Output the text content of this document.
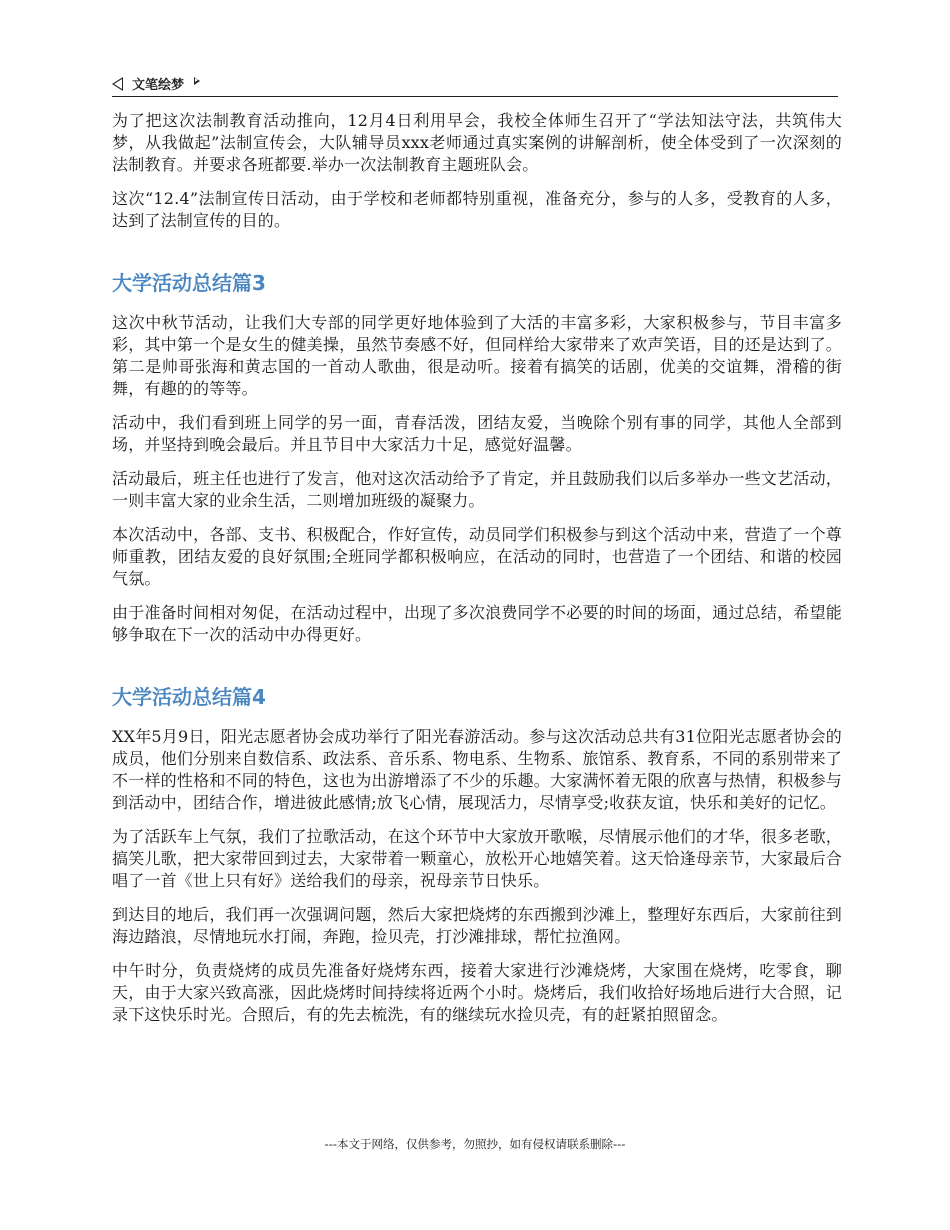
文笔绘梦

为了把这次法制教育活动推向，12月4日利用早会，我校全体师生召开了“学法知法守法，共筑伟大梦，从我做起”法制宣传会，大队辅导员xxx老师通过真实案例的讲解剖析，使全体受到了一次深刻的法制教育。并要求各班都要.举办一次法制教育主题班队会。

这次“12.4”法制宣传日活动，由于学校和老师都特别重视，准备充分，参与的人多，受教育的人多，达到了法制宣传的目的。

大学活动总结篇3

这次中秋节活动，让我们大专部的同学更好地体验到了大活的丰富多彩，大家积极参与，节目丰富多彩，其中第一个是女生的健美操，虽然节奏感不好，但同样给大家带来了欢声笑语，目的还是达到了。第二是帅哥张海和黄志国的一首动人歌曲，很是动听。接着有搞笑的话剧，优美的交谊舞，滑稽的街舞，有趣的的等等。

活动中，我们看到班上同学的另一面，青春活泼，团结友爱，当晚除个别有事的同学，其他人全部到场，并坚持到晚会最后。并且节目中大家活力十足，感觉好温馨。

活动最后，班主任也进行了发言，他对这次活动给予了肯定，并且鼓励我们以后多举办一些文艺活动，一则丰富大家的业余生活，二则增加班级的凝聚力。

本次活动中，各部、支书、积极配合，作好宣传，动员同学们积极参与到这个活动中来，营造了一个尊师重教，团结友爱的良好氛围;全班同学都积极响应，在活动的同时，也营造了一个团结、和谐的校园气氛。

由于准备时间相对匆促，在活动过程中，出现了多次浪费同学不必要的时间的场面，通过总结，希望能够争取在下一次的活动中办得更好。

大学活动总结篇4

XX年5月9日，阳光志愿者协会成功举行了阳光春游活动。参与这次活动总共有31位阳光志愿者协会的成员，他们分别来自数信系、政法系、音乐系、物电系、生物系、旅馆系、教育系，不同的系别带来了不一样的性格和不同的特色，这也为出游增添了不少的乐趣。大家满怀着无限的欣喜与热情，积极参与到活动中，团结合作，增进彼此感情;放飞心情，展现活力，尽情享受;收获友谊，快乐和美好的记忆。

为了活跃车上气氛，我们了拉歌活动，在这个环节中大家放开歌喉，尽情展示他们的才华，很多老歌，搞笑儿歌，把大家带回到过去，大家带着一颗童心，放松开心地嬉笑着。这天恰逢母亲节，大家最后合唱了一首《世上只有好》送给我们的母亲，祝母亲节日快乐。

到达目的地后，我们再一次强调问题，然后大家把烧烤的东西搬到沙滩上，整理好东西后，大家前往到海边踏浪，尽情地玩水打闹，奔跑，捡贝壳，打沙滩排球，帮忙拉渔网。

中午时分，负责烧烤的成员先准备好烧烤东西，接着大家进行沙滩烧烤，大家围在烧烤，吃零食，聊天，由于大家兴致高涨，因此烧烤时间持续将近两个小时。烧烤后，我们收拾好场地后进行大合照，记录下这快乐时光。合照后，有的先去梳洗，有的继续玩水捡贝壳，有的赶紧拍照留念。

---本文于网络，仅供参考，勿照抄，如有侵权请联系删除---
